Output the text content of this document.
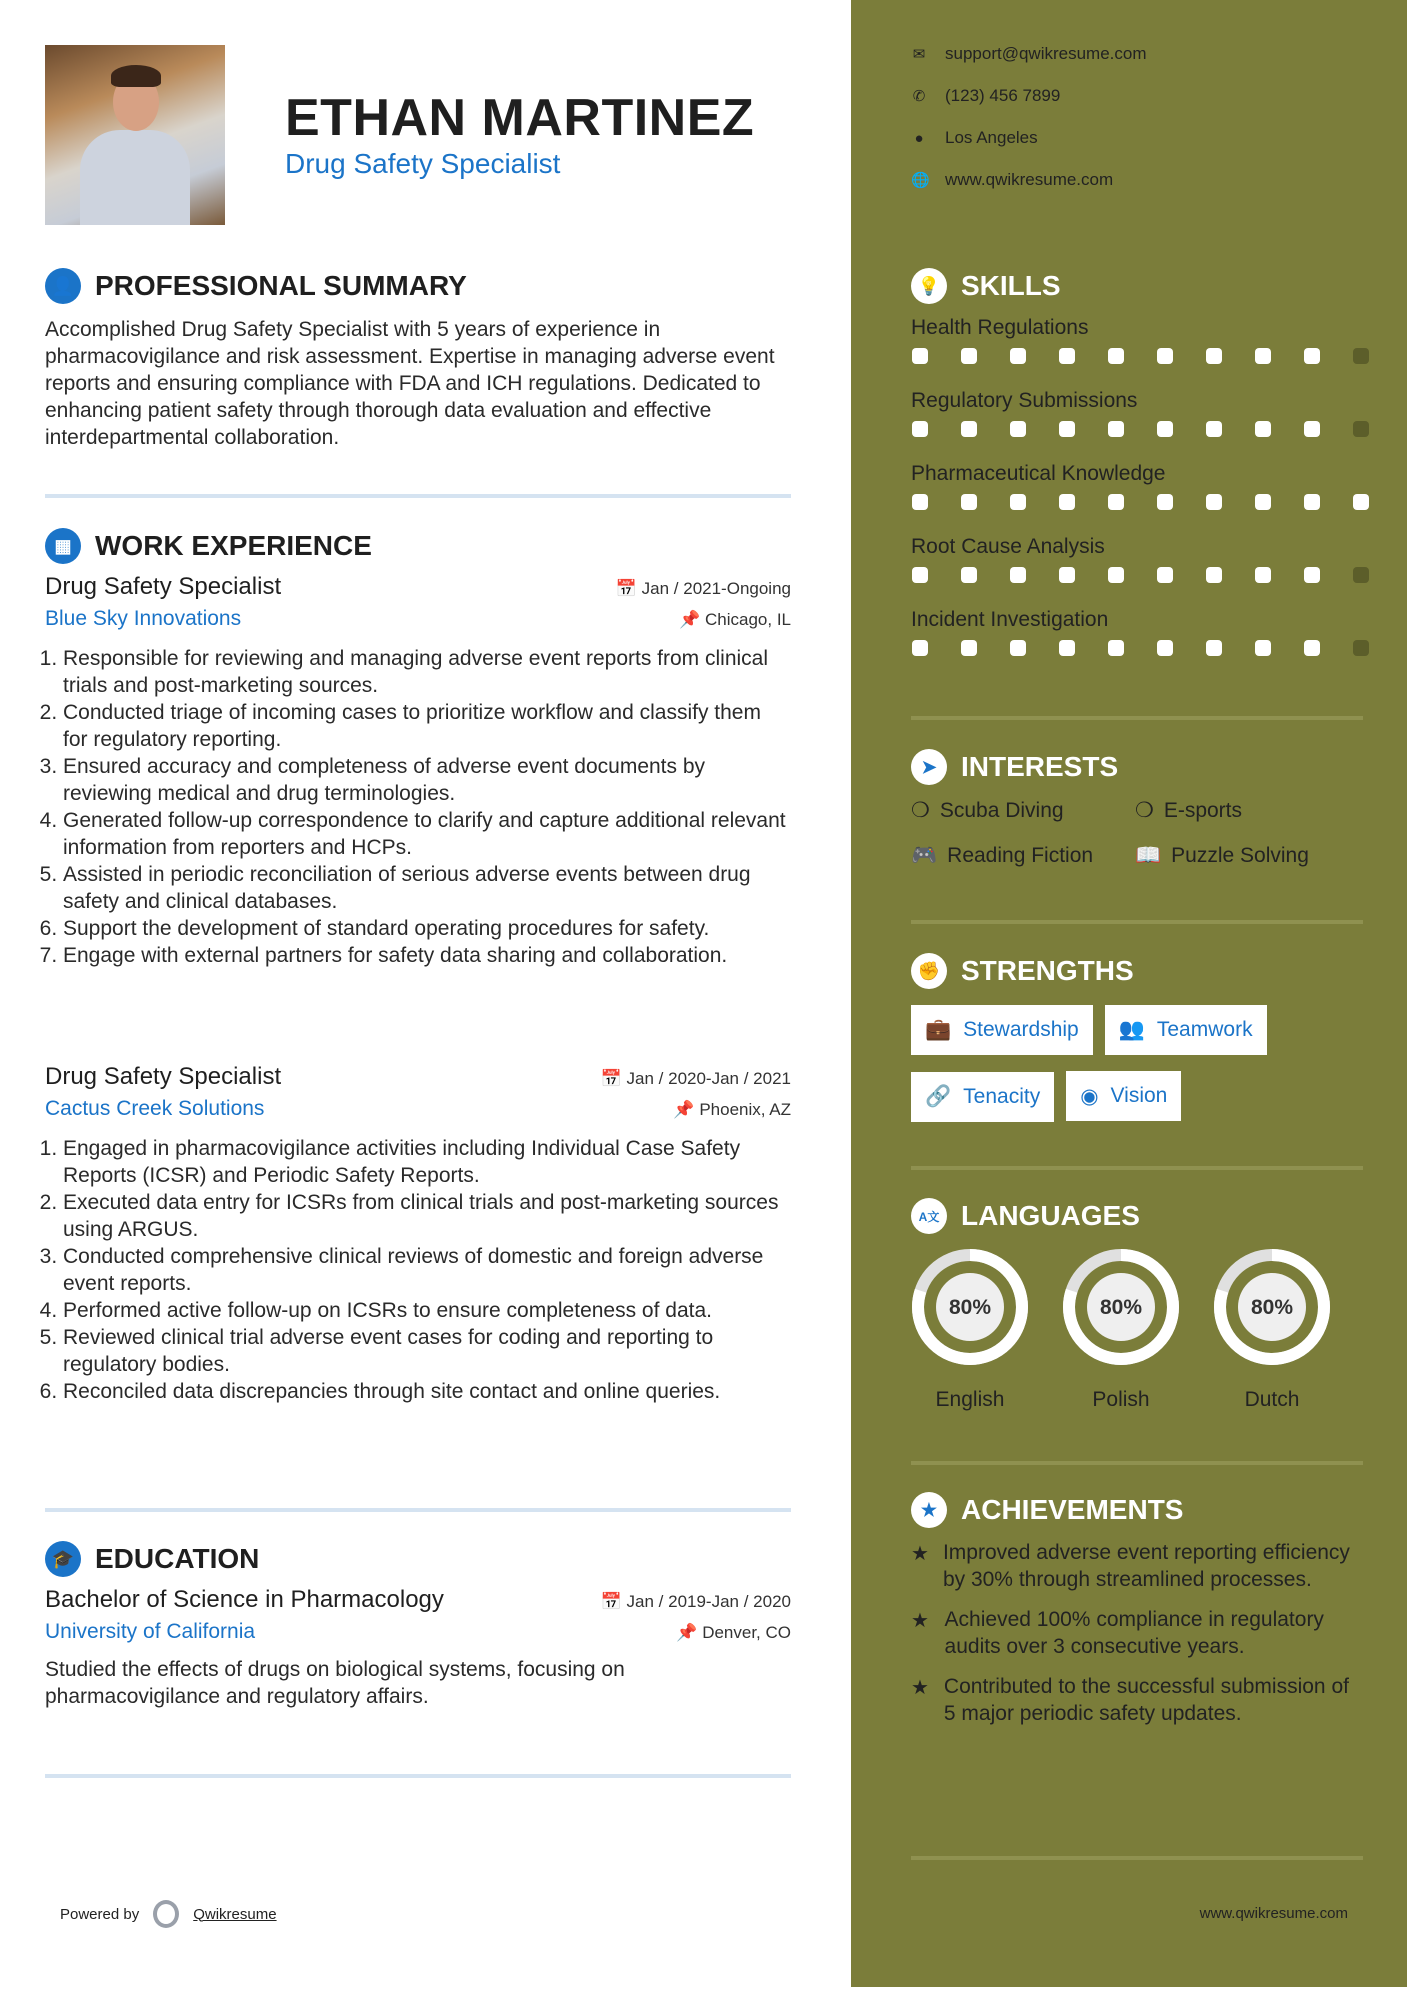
ETHAN MARTINEZ
Drug Safety Specialist
👤 PROFESSIONAL SUMMARY
Accomplished Drug Safety Specialist with 5 years of experience in pharmacovigilance and risk assessment. Expertise in managing adverse event reports and ensuring compliance with FDA and ICH regulations. Dedicated to enhancing patient safety through thorough data evaluation and effective interdepartmental collaboration.
▦ WORK EXPERIENCE
Drug Safety Specialist	📅 Jan / 2021-Ongoing
Blue Sky Innovations	📌 Chicago, IL
1. Responsible for reviewing and managing adverse event reports from clinical trials and post-marketing sources.
2. Conducted triage of incoming cases to prioritize workflow and classify them for regulatory reporting.
3. Ensured accuracy and completeness of adverse event documents by reviewing medical and drug terminologies.
4. Generated follow-up correspondence to clarify and capture additional relevant information from reporters and HCPs.
5. Assisted in periodic reconciliation of serious adverse events between drug safety and clinical databases.
6. Support the development of standard operating procedures for safety.
7. Engage with external partners for safety data sharing and collaboration.
Drug Safety Specialist	📅 Jan / 2020-Jan / 2021
Cactus Creek Solutions	📌 Phoenix, AZ
1. Engaged in pharmacovigilance activities including Individual Case Safety Reports (ICSR) and Periodic Safety Reports.
2. Executed data entry for ICSRs from clinical trials and post-marketing sources using ARGUS.
3. Conducted comprehensive clinical reviews of domestic and foreign adverse event reports.
4. Performed active follow-up on ICSRs to ensure completeness of data.
5. Reviewed clinical trial adverse event cases for coding and reporting to regulatory bodies.
6. Reconciled data discrepancies through site contact and online queries.
🎓 EDUCATION
Bachelor of Science in Pharmacology	📅 Jan / 2019-Jan / 2020
University of California	📌 Denver, CO
Studied the effects of drugs on biological systems, focusing on pharmacovigilance and regulatory affairs.
Powered by	Qwikresume
✉ support@qwikresume.com
✆ (123) 456 7899
● Los Angeles
🌐 www.qwikresume.com
💡 SKILLS
Health Regulations
Regulatory Submissions
Pharmaceutical Knowledge
Root Cause Analysis
Incident Investigation
➤ INTERESTS
❍ Scuba Diving	❍ E-sports
🎮 Reading Fiction 📖 Puzzle Solving
✊ STRENGTHS
💼 Stewardship 👥 Teamwork
🔗 Tenacity ◉ Vision
A文 LANGUAGES
80%
English
80%
Polish
80%
Dutch
★ ACHIEVEMENTS
★ Improved adverse event reporting efficiency by 30% through streamlined processes.
★ Achieved 100% compliance in regulatory audits over 3 consecutive years.
★ Contributed to the successful submission of 5 major periodic safety updates.
www.qwikresume.com
